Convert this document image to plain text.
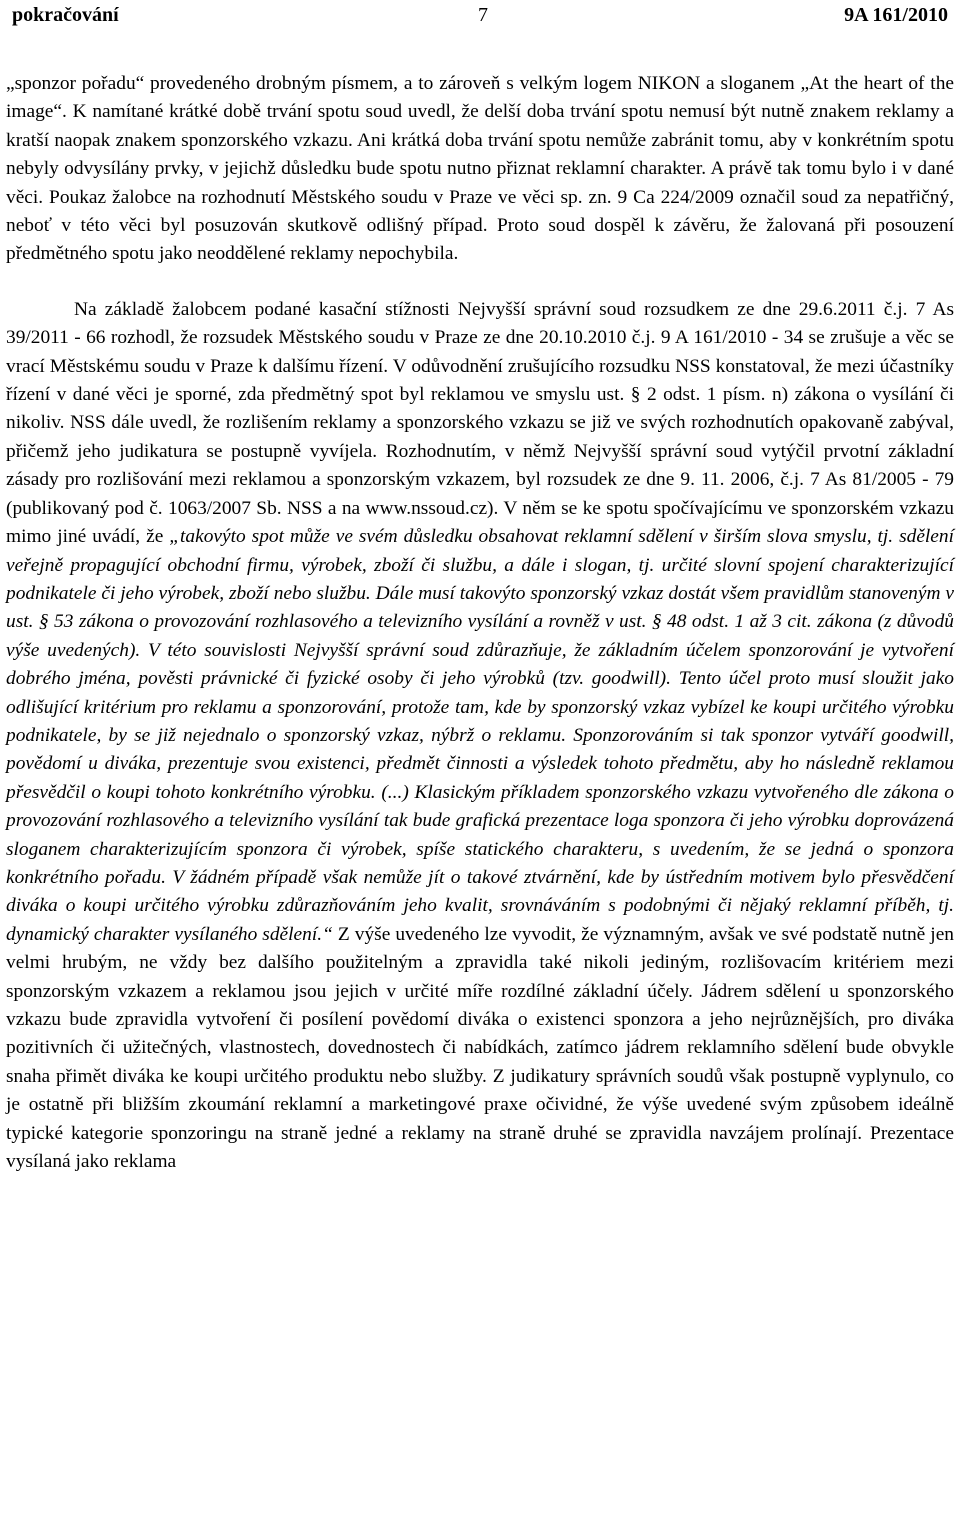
pokračování	7	9A 161/2010

„sponzor pořadu“ provedeného drobným písmem, a to zároveň s velkým logem NIKON a sloganem „At the heart of the image“. K namítané krátké době trvání spotu soud uvedl, že delší doba trvání spotu nemusí být nutně znakem reklamy a kratší naopak znakem sponzorského vzkazu. Ani krátká doba trvání spotu nemůže zabránit tomu, aby v konkrétním spotu nebyly odvysílány prvky, v jejichž důsledku bude spotu nutno přiznat reklamní charakter. A právě tak tomu bylo i v dané věci. Poukaz žalobce na rozhodnutí Městského soudu v Praze ve věci sp. zn. 9 Ca 224/2009 označil soud za nepatřičný, neboť v této věci byl posuzován skutkově odlišný případ. Proto soud dospěl k závěru, že žalovaná při posouzení předmětného spotu jako neoddělené reklamy nepochybila.

Na základě žalobcem podané kasační stížnosti Nejvyšší správní soud rozsudkem ze dne 29.6.2011 č.j. 7 As 39/2011 - 66 rozhodl, že rozsudek Městského soudu v Praze ze dne 20.10.2010 č.j. 9 A 161/2010 - 34 se zrušuje a věc se vrací Městskému soudu v Praze k dalšímu řízení. V odůvodnění zrušujícího rozsudku NSS konstatoval, že mezi účastníky řízení v dané věci je sporné, zda předmětný spot byl reklamou ve smyslu ust. § 2 odst. 1 písm. n) zákona o vysílání či nikoliv. NSS dále uvedl, že rozlišením reklamy a sponzorského vzkazu se již ve svých rozhodnutích opakovaně zabýval, přičemž jeho judikatura se postupně vyvíjela. Rozhodnutím, v němž Nejvyšší správní soud vytýčil prvotní základní zásady pro rozlišování mezi reklamou a sponzorským vzkazem, byl rozsudek ze dne 9. 11. 2006, č.j. 7 As 81/2005 - 79 (publikovaný pod č. 1063/2007 Sb. NSS a na www.nssoud.cz). V něm se ke spotu spočívajícímu ve sponzorském vzkazu mimo jiné uvádí, že „takovýto spot může ve svém důsledku obsahovat reklamní sdělení v širším slova smyslu, tj. sdělení veřejně propagující obchodní firmu, výrobek, zboží či službu, a dále i slogan, tj. určité slovní spojení charakterizující podnikatele či jeho výrobek, zboží nebo službu. Dále musí takovýto sponzorský vzkaz dostát všem pravidlům stanoveným v ust. § 53 zákona o provozování rozhlasového a televizního vysílání a rovněž v ust. § 48 odst. 1 až 3 cit. zákona (z důvodů výše uvedených). V této souvislosti Nejvyšší správní soud zdůrazňuje, že základním účelem sponzorování je vytvoření dobrého jména, pověsti právnické či fyzické osoby či jeho výrobků (tzv. goodwill). Tento účel proto musí sloužit jako odlišující kritérium pro reklamu a sponzorování, protože tam, kde by sponzorský vzkaz vybízel ke koupi určitého výrobku podnikatele, by se již nejednalo o sponzorský vzkaz, nýbrž o reklamu. Sponzorováním si tak sponzor vytváří goodwill, povědomí u diváka, prezentuje svou existenci, předmět činnosti a výsledek tohoto předmětu, aby ho následně reklamou přesvědčil o koupi tohoto konkrétního výrobku. (...) Klasickým příkladem sponzorského vzkazu vytvořeného dle zákona o provozování rozhlasového a televizního vysílání tak bude grafická prezentace loga sponzora či jeho výrobku doprovázená sloganem charakterizujícím sponzora či výrobek, spíše statického charakteru, s uvedením, že se jedná o sponzora konkrétního pořadu. V žádném případě však nemůže jít o takové ztvárnění, kde by ústředním motivem bylo přesvědčení diváka o koupi určitého výrobku zdůrazňováním jeho kvalit, srovnáváním s podobnými či nějaký reklamní příběh, tj. dynamický charakter vysílaného sdělení.“ Z výše uvedeného lze vyvodit, že významným, avšak ve své podstatě nutně jen velmi hrubým, ne vždy bez dalšího použitelným a zpravidla také nikoli jediným, rozlišovacím kritériem mezi sponzorským vzkazem a reklamou jsou jejich v určité míře rozdílné základní účely. Jádrem sdělení u sponzorského vzkazu bude zpravidla vytvoření či posílení povědomí diváka o existenci sponzora a jeho nejrůznějších, pro diváka pozitivních či užitečných, vlastnostech, dovednostech či nabídkách, zatímco jádrem reklamního sdělení bude obvykle snaha přimět diváka ke koupi určitého produktu nebo služby. Z judikatury správních soudů však postupně vyplynulo, co je ostatně při bližším zkoumání reklamní a marketingové praxe očividné, že výše uvedené svým způsobem ideálně typické kategorie sponzoringu na straně jedné a reklamy na straně druhé se zpravidla navzájem prolínají. Prezentace vysílaná jako reklama
